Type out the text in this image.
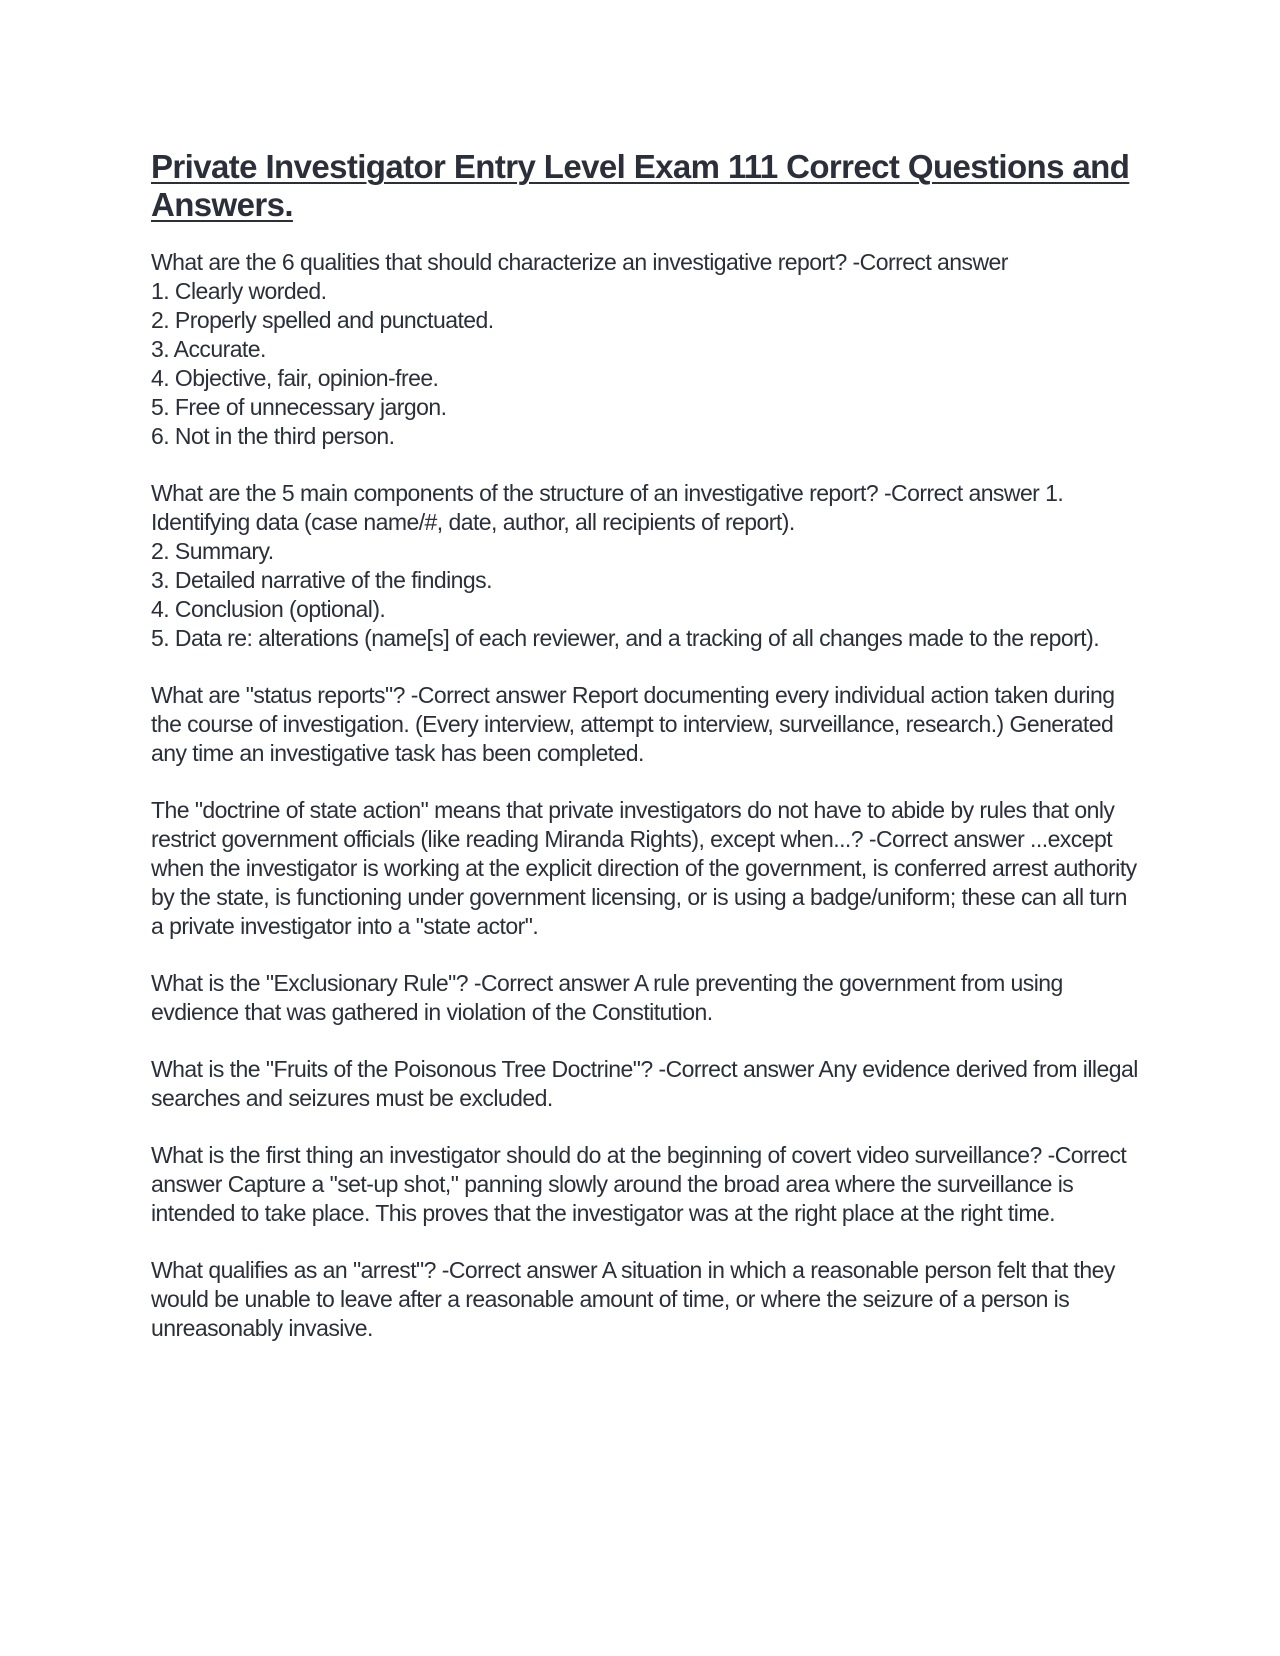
Private Investigator Entry Level Exam 111 Correct Questions and Answers.
What are the 6 qualities that should characterize an investigative report? -Correct answer
1. Clearly worded.
2. Properly spelled and punctuated.
3. Accurate.
4. Objective, fair, opinion-free.
5. Free of unnecessary jargon.
6. Not in the third person.
What are the 5 main components of the structure of an investigative report? -Correct answer 1. Identifying data (case name/#, date, author, all recipients of report).
2. Summary.
3. Detailed narrative of the findings.
4. Conclusion (optional).
5. Data re: alterations (name[s] of each reviewer, and a tracking of all changes made to the report).
What are "status reports"? -Correct answer Report documenting every individual action taken during the course of investigation. (Every interview, attempt to interview, surveillance, research.) Generated any time an investigative task has been completed.
The "doctrine of state action" means that private investigators do not have to abide by rules that only restrict government officials (like reading Miranda Rights), except when...? -Correct answer ...except when the investigator is working at the explicit direction of the government, is conferred arrest authority by the state, is functioning under government licensing, or is using a badge/uniform; these can all turn a private investigator into a "state actor".
What is the "Exclusionary Rule"? -Correct answer A rule preventing the government from using evdience that was gathered in violation of the Constitution.
What is the "Fruits of the Poisonous Tree Doctrine"? -Correct answer Any evidence derived from illegal searches and seizures must be excluded.
What is the first thing an investigator should do at the beginning of covert video surveillance? -Correct answer Capture a "set-up shot," panning slowly around the broad area where the surveillance is intended to take place. This proves that the investigator was at the right place at the right time.
What qualifies as an "arrest"? -Correct answer A situation in which a reasonable person felt that they would be unable to leave after a reasonable amount of time, or where the seizure of a person is unreasonably invasive.
